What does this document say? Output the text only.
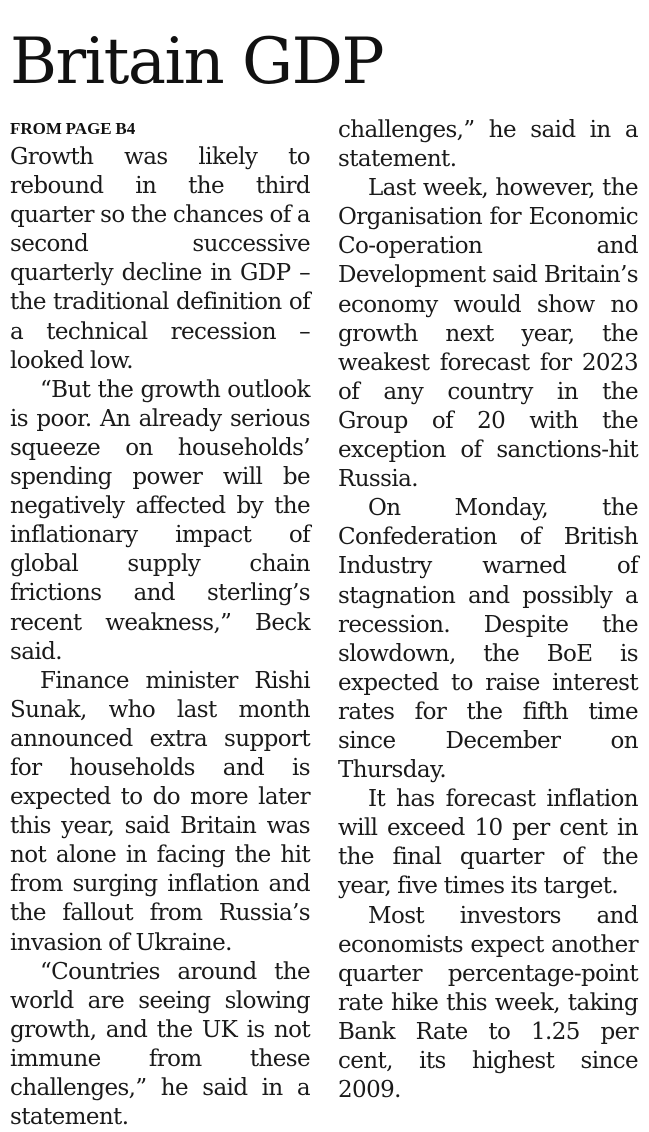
Britain GDP

FROM PAGE B4

Growth was likely to rebound in the third quarter so the chances of a second successive quarterly decline in GDP – the traditional definition of a technical recession – looked low.

“But the growth outlook is poor. An already serious squeeze on households’ spending power will be negatively affected by the inflationary impact of global supply chain frictions and sterling’s recent weakness,” Beck said.

Finance minister Rishi Sunak, who last month announced extra support for households and is expected to do more later this year, said Britain was not alone in facing the hit from surging inflation and the fallout from Russia’s invasion of Ukraine.

“Countries around the world are seeing slowing growth, and the UK is not immune from these challenges,” he said in a statement.

challenges,” he said in a statement.

Last week, however, the Organisation for Economic Co-operation and Development said Britain’s economy would show no growth next year, the weakest forecast for 2023 of any country in the Group of 20 with the exception of sanctions-hit Russia.

On Monday, the Confederation of British Industry warned of stagnation and possibly a recession. Despite the slowdown, the BoE is expected to raise interest rates for the fifth time since December on Thursday.

It has forecast inflation will exceed 10 per cent in the final quarter of the year, five times its target.

Most investors and economists expect another quarter percentage-point rate hike this week, taking Bank Rate to 1.25 per cent, its highest since 2009.
